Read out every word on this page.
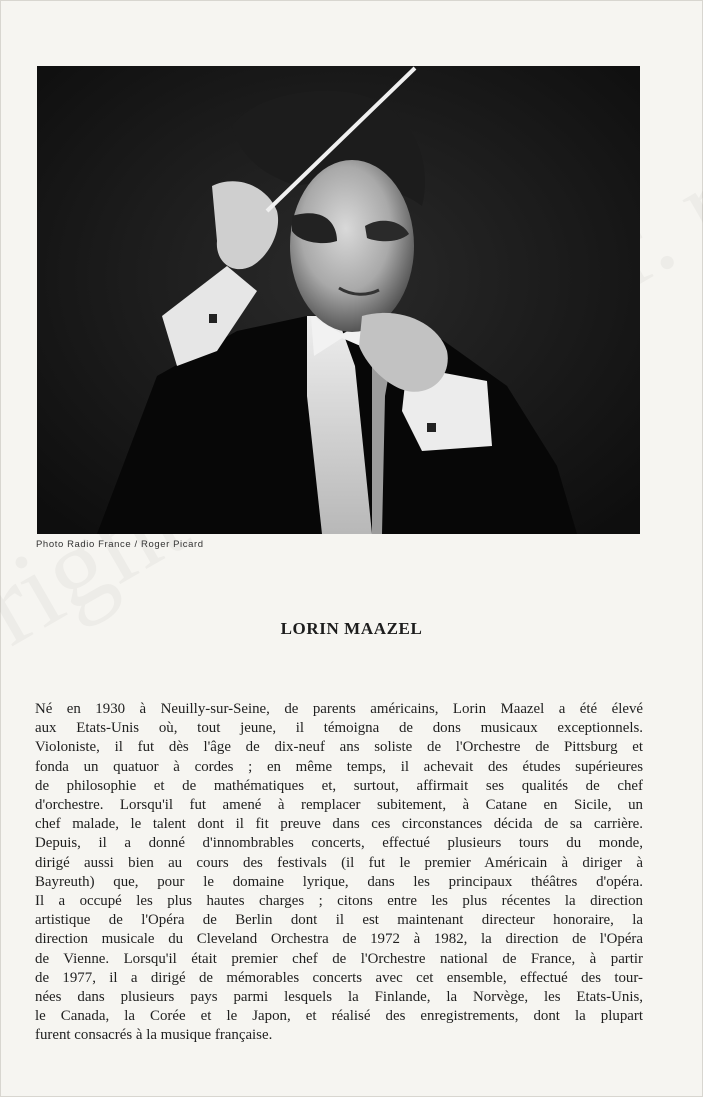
Photo Radio France / Roger Picard
LORIN MAAZEL
Né en 1930 à Neuilly-sur-Seine, de parents américains, Lorin Maazel a été élevé
aux Etats-Unis où, tout jeune, il témoigna de dons musicaux exceptionnels.
Violoniste, il fut dès l'âge de dix-neuf ans soliste de l'Orchestre de Pittsburg et
fonda un quatuor à cordes ; en même temps, il achevait des études supérieures
de philosophie et de mathématiques et, surtout, affirmait ses qualités de chef
d'orchestre. Lorsqu'il fut amené à remplacer subitement, à Catane en Sicile, un
chef malade, le talent dont il fit preuve dans ces circonstances décida de sa carrière.
Depuis, il a donné d'innombrables concerts, effectué plusieurs tours du monde,
dirigé aussi bien au cours des festivals (il fut le premier Américain à diriger à
Bayreuth) que, pour le domaine lyrique, dans les principaux théâtres d'opéra.
Il a occupé les plus hautes charges ; citons entre les plus récentes la direction
artistique de l'Opéra de Berlin dont il est maintenant directeur honoraire, la
direction musicale du Cleveland Orchestra de 1972 à 1982, la direction de l'Opéra
de Vienne. Lorsqu'il était premier chef de l'Orchestre national de France, à partir
de 1977, il a dirigé de mémorables concerts avec cet ensemble, effectué des tour-
nées dans plusieurs pays parmi lesquels la Finlande, la Norvège, les Etats-Unis,
le Canada, la Corée et le Japon, et réalisé des enregistrements, dont la plupart
furent consacrés à la musique française.
